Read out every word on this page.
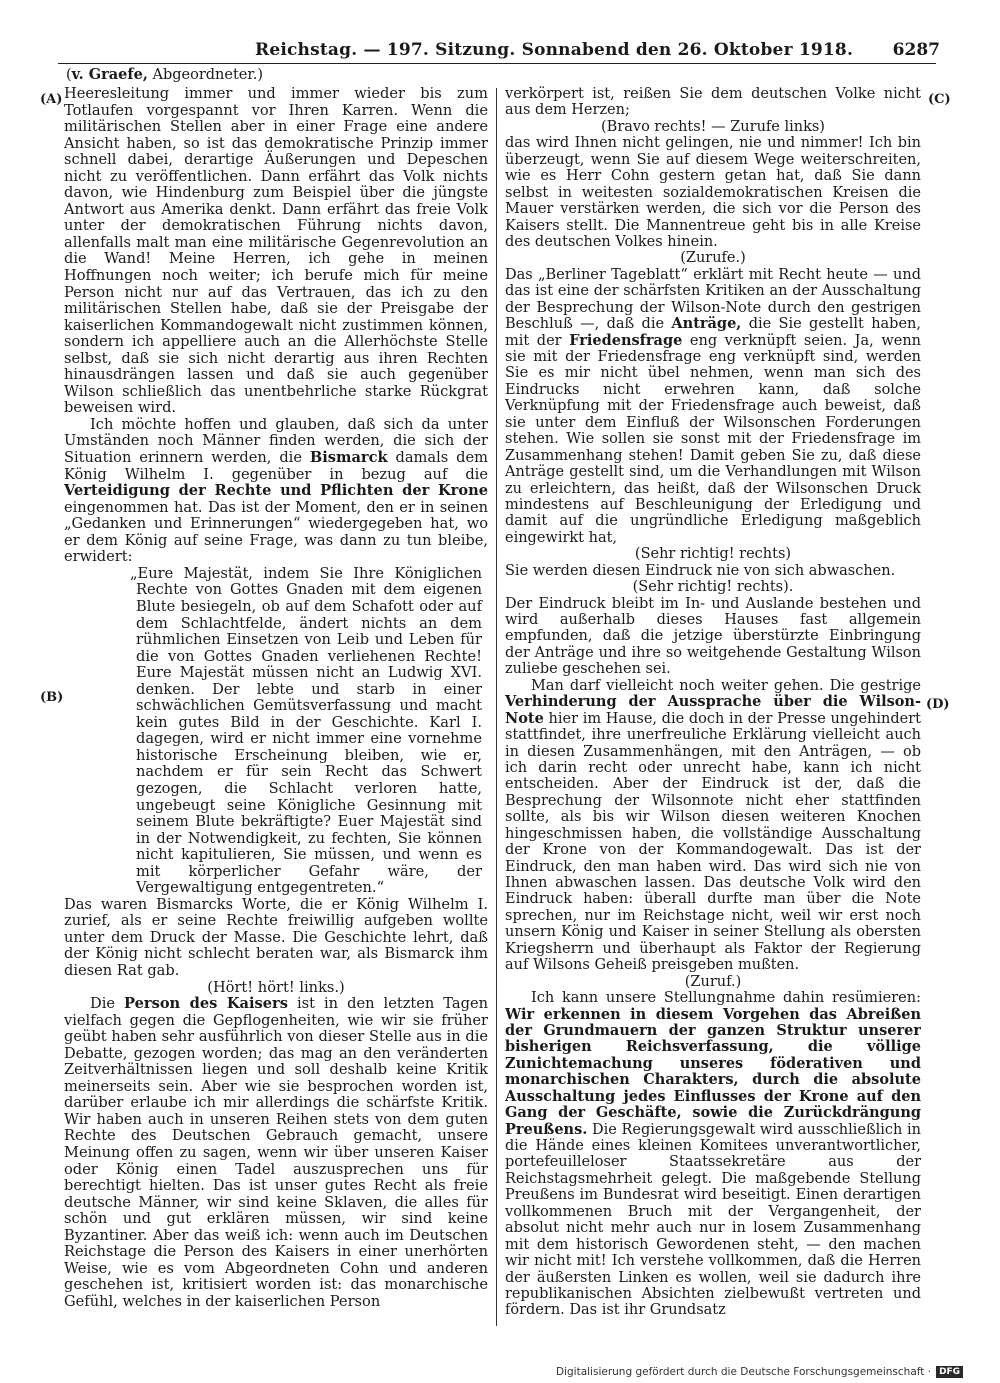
Reichstag. — 197. Sitzung. Sonnabend den 26. Oktober 1918. 6287
(v. Graefe, Abgeordneter.)
(A)
(B)
(C)
(D)

Heeresleitung immer und immer wieder bis zum Totlaufen vorgespannt vor Ihren Karren. Wenn die militärischen Stellen aber in einer Frage eine andere Ansicht haben, so ist das demokratische Prinzip immer schnell dabei, derartige Äußerungen und Depeschen nicht zu veröffentlichen. Dann erfährt das Volk nichts davon, wie Hindenburg zum Beispiel über die jüngste Antwort aus Amerika denkt. Dann erfährt das freie Volk unter der demokratischen Führung nichts davon, allenfalls malt man eine militärische Gegenrevolution an die Wand! Meine Herren, ich gehe in meinen Hoffnungen noch weiter; ich berufe mich für meine Person nicht nur auf das Vertrauen, das ich zu den militärischen Stellen habe, daß sie der Preisgabe der kaiserlichen Kommandogewalt nicht zustimmen können, sondern ich appelliere auch an die Allerhöchste Stelle selbst, daß sie sich nicht derartig aus ihren Rechten hinausdrängen lassen und daß sie auch gegenüber Wilson schließlich das unentbehrliche starke Rückgrat beweisen wird.

Ich möchte hoffen und glauben, daß sich da unter Umständen noch Männer finden werden, die sich der Situation erinnern werden, die Bismarck damals dem König Wilhelm I. gegenüber in bezug auf die Verteidigung der Rechte und Pflichten der Krone eingenommen hat. Das ist der Moment, den er in seinen „Gedanken und Erinnerungen“ wiedergegeben hat, wo er dem König auf seine Frage, was dann zu tun bleibe, erwidert:

„Eure Majestät, indem Sie Ihre Königlichen Rechte von Gottes Gnaden mit dem eigenen Blute besiegeln, ob auf dem Schafott oder auf dem Schlachtfelde, ändert nichts an dem rühmlichen Einsetzen von Leib und Leben für die von Gottes Gnaden verliehenen Rechte! Eure Majestät müssen nicht an Ludwig XVI. denken. Der lebte und starb in einer schwächlichen Gemütsverfassung und macht kein gutes Bild in der Geschichte. Karl I. dagegen, wird er nicht immer eine vornehme historische Erscheinung bleiben, wie er, nachdem er für sein Recht das Schwert gezogen, die Schlacht verloren hatte, ungebeugt seine Königliche Gesinnung mit seinem Blute bekräftigte? Euer Majestät sind in der Notwendigkeit, zu fechten, Sie können nicht kapitulieren, Sie müssen, und wenn es mit körperlicher Gefahr wäre, der Vergewaltigung entgegentreten.“

Das waren Bismarcks Worte, die er König Wilhelm I. zurief, als er seine Rechte freiwillig aufgeben wollte unter dem Druck der Masse. Die Geschichte lehrt, daß der König nicht schlecht beraten war, als Bismarck ihm diesen Rat gab.

(Hört! hört! links.)

Die Person des Kaisers ist in den letzten Tagen vielfach gegen die Gepflogenheiten, wie wir sie früher geübt haben sehr ausführlich von dieser Stelle aus in die Debatte, gezogen worden; das mag an den veränderten Zeitverhältnissen liegen und soll deshalb keine Kritik meinerseits sein. Aber wie sie besprochen worden ist, darüber erlaube ich mir allerdings die schärfste Kritik. Wir haben auch in unseren Reihen stets von dem guten Rechte des Deutschen Gebrauch gemacht, unsere Meinung offen zu sagen, wenn wir über unseren Kaiser oder König einen Tadel auszusprechen uns für berechtigt hielten. Das ist unser gutes Recht als freie deutsche Männer, wir sind keine Sklaven, die alles für schön und gut erklären müssen, wir sind keine Byzantiner. Aber das weiß ich: wenn auch im Deutschen Reichstage die Person des Kaisers in einer unerhörten Weise, wie es vom Abgeordneten Cohn und anderen geschehen ist, kritisiert worden ist: das monarchische Gefühl, welches in der kaiserlichen Person

verkörpert ist, reißen Sie dem deutschen Volke nicht aus dem Herzen;

(Bravo rechts! — Zurufe links)

das wird Ihnen nicht gelingen, nie und nimmer! Ich bin überzeugt, wenn Sie auf diesem Wege weiterschreiten, wie es Herr Cohn gestern getan hat, daß Sie dann selbst in weitesten sozialdemokratischen Kreisen die Mauer verstärken werden, die sich vor die Person des Kaisers stellt. Die Mannentreue geht bis in alle Kreise des deutschen Volkes hinein.

(Zurufe.)

Das „Berliner Tageblatt“ erklärt mit Recht heute — und das ist eine der schärfsten Kritiken an der Ausschaltung der Besprechung der Wilson-Note durch den gestrigen Beschluß —, daß die Anträge, die Sie gestellt haben, mit der Friedensfrage eng verknüpft seien. Ja, wenn sie mit der Friedensfrage eng verknüpft sind, werden Sie es mir nicht übel nehmen, wenn man sich des Eindrucks nicht erwehren kann, daß solche Verknüpfung mit der Friedensfrage auch beweist, daß sie unter dem Einfluß der Wilsonschen Forderungen stehen. Wie sollen sie sonst mit der Friedensfrage im Zusammenhang stehen! Damit geben Sie zu, daß diese Anträge gestellt sind, um die Verhandlungen mit Wilson zu erleichtern, das heißt, daß der Wilsonschen Druck mindestens auf Beschleunigung der Erledigung und damit auf die ungründliche Erledigung maßgeblich eingewirkt hat,

(Sehr richtig! rechts)

Sie werden diesen Eindruck nie von sich abwaschen.

(Sehr richtig! rechts).

Der Eindruck bleibt im In- und Auslande bestehen und wird außerhalb dieses Hauses fast allgemein empfunden, daß die jetzige überstürzte Einbringung der Anträge und ihre so weitgehende Gestaltung Wilson zuliebe geschehen sei.

Man darf vielleicht noch weiter gehen. Die gestrige Verhinderung der Aussprache über die Wilson-Note hier im Hause, die doch in der Presse ungehindert stattfindet, ihre unerfreuliche Erklärung vielleicht auch in diesen Zusammenhängen, mit den Anträgen, — ob ich darin recht oder unrecht habe, kann ich nicht entscheiden. Aber der Eindruck ist der, daß die Besprechung der Wilsonnote nicht eher stattfinden sollte, als bis wir Wilson diesen weiteren Knochen hingeschmissen haben, die vollständige Ausschaltung der Krone von der Kommandogewalt. Das ist der Eindruck, den man haben wird. Das wird sich nie von Ihnen abwaschen lassen. Das deutsche Volk wird den Eindruck haben: überall durfte man über die Note sprechen, nur im Reichstage nicht, weil wir erst noch unsern König und Kaiser in seiner Stellung als obersten Kriegsherrn und überhaupt als Faktor der Regierung auf Wilsons Geheiß preisgeben mußten.

(Zuruf.)

Ich kann unsere Stellungnahme dahin resümieren: Wir erkennen in diesem Vorgehen das Abreißen der Grundmauern der ganzen Struktur unserer bisherigen Reichsverfassung, die völlige Zunichtemachung unseres föderativen und monarchischen Charakters, durch die absolute Ausschaltung jedes Einflusses der Krone auf den Gang der Geschäfte, sowie die Zurückdrängung Preußens. Die Regierungsgewalt wird ausschließlich in die Hände eines kleinen Komitees unverantwortlicher, portefeuilleloser Staatssekretäre aus der Reichstagsmehrheit gelegt. Die maßgebende Stellung Preußens im Bundesrat wird beseitigt. Einen derartigen vollkommenen Bruch mit der Vergangenheit, der absolut nicht mehr auch nur in losem Zusammenhang mit dem historisch Gewordenen steht, — den machen wir nicht mit! Ich verstehe vollkommen, daß die Herren der äußersten Linken es wollen, weil sie dadurch ihre republikanischen Absichten zielbewußt vertreten und fördern. Das ist ihr Grundsatz

Digitalisierung gefördert durch die Deutsche Forschungsgemeinschaft · DFG
